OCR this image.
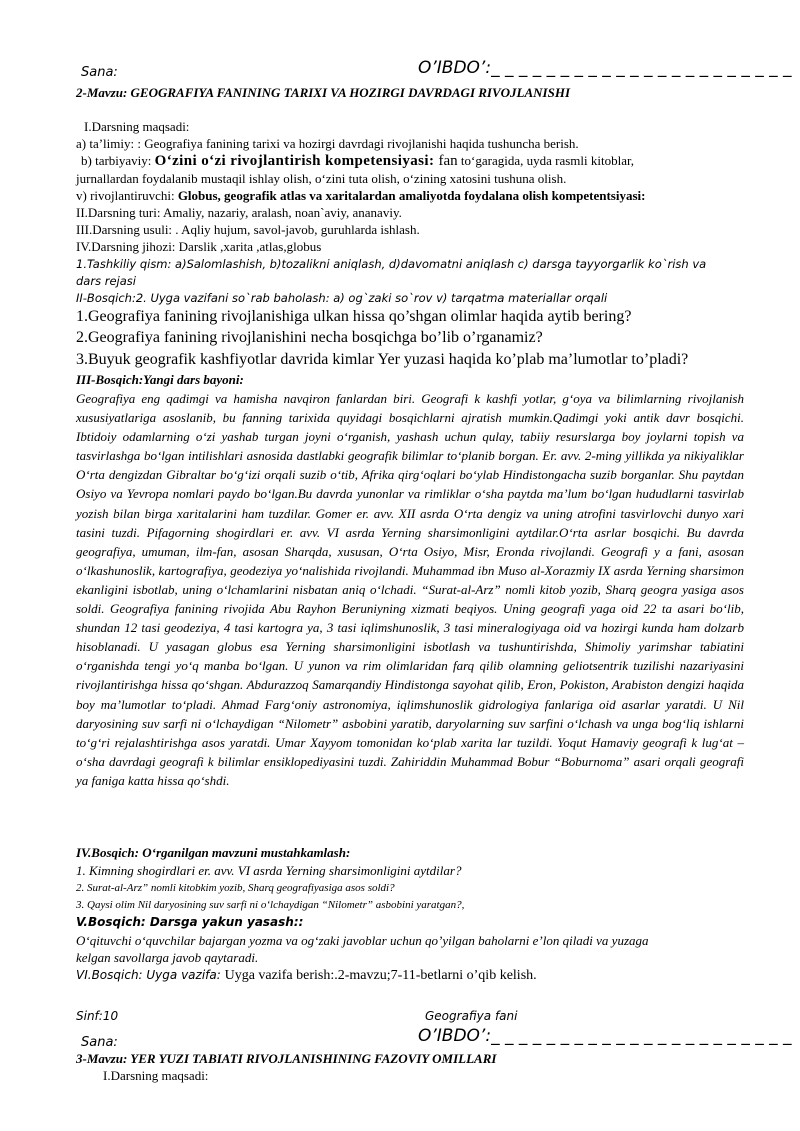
Sana:	O’IBDO’:_ _ _ _ _ _ _ _ _ _ _ _ _ _ _ _ _ _ _ _ _ _
2-Mavzu: GEOGRAFIYA FANINING TARIXI VA HOZIRGI DAVRDAGI RIVOJLANISHI
I.Darsning maqsadi:
a) ta’limiy: : Geografiya fanining tarixi va hozirgi davrdagi rivojlanishi haqida tushuncha berish.
b) tarbiyaviy: O‘zini o‘zi rivojlantirish kompetensiyasi: fan to‘garagida, uyda rasmli kitoblar,
jurnallardan foydalanib mustaqil ishlay olish, o‘zini tuta olish, o‘zining xatosini tushuna olish.
v) rivojlantiruvchi: Globus, geografik atlas va xaritalardan amaliyotda foydalana olish kompetentsiyasi:
II.Darsning turi: Amaliy, nazariy, aralash, noan`aviy, ananaviy.
III.Darsning usuli: . Aqliy hujum, savol-javob, guruhlarda ishlash.
IV.Darsning jihozi: Darslik ,xarita ,atlas,globus
1.Tashkiliy qism: a)Salomlashish, b)tozalikni aniqlash, d)davomatni aniqlash c) darsga tayyorgarlik ko`rish va
dars rejasi
II-Bosqich:2. Uyga vazifani so`rab baholash: a) og`zaki so`rov v) tarqatma materiallar orqali
1.Geografiya fanining rivojlanishiga ulkan hissa qo’shgan olimlar haqida aytib bering?
2.Geografiya fanining rivojlanishini necha bosqichga bo’lib o’rganamiz?
3.Buyuk geografik kashfiyotlar davrida kimlar Yer yuzasi haqida ko’plab ma’lumotlar to’pladi?
III-Bosqich:Yangi dars bayoni:
Geografiya eng qadimgi va hamisha navqiron fanlardan biri. Geografi k kashfi yotlar, g‘oya va bilimlarning rivojlanish xususiyatlariga asoslanib, bu fanning tarixida quyidagi bosqichlarni ajratish mumkin.Qadimgi yoki antik davr bosqichi. Ibtidoiy odamlarning o‘zi yashab turgan joyni o‘rganish, yashash uchun qulay, tabiiy resurslarga boy joylarni topish va tasvirlashga bo‘lgan intilishlari asnosida dastlabki geografik bilimlar to‘planib borgan. Er. avv. 2-ming yillikda ya nikiyaliklar O‘rta dengizdan Gibraltar bo‘g‘izi orqali suzib o‘tib, Afrika qirg‘oqlari bo‘ylab Hindistongacha suzib borganlar. Shu paytdan Osiyo va Yevropa nomlari paydo bo‘lgan.Bu davrda yunonlar va rimliklar o‘sha paytda ma’lum bo‘lgan hududlarni tasvirlab yozish bilan birga xaritalarini ham tuzdilar. Gomer er. avv. XII asrda O‘rta dengiz va uning atrofini tasvirlovchi dunyo xari tasini tuzdi. Pifagorning shogirdlari er. avv. VI asrda Yerning sharsimonligini aytdilar.O‘rta asrlar bosqichi. Bu davrda geografiya, umuman, ilm-fan, asosan Sharqda, xususan, O‘rta Osiyo, Misr, Eronda rivojlandi. Geografi y a fani, asosan o‘lkashunoslik, kartografiya, geodeziya yo‘nalishida rivojlandi. Muhammad ibn Muso al-Xorazmiy IX asrda Yerning sharsimon ekanligini isbotlab, uning o‘lchamlarini nisbatan aniq o‘lchadi. “Surat-al-Arz” nomli kitob yozib, Sharq geogra yasiga asos soldi. Geografiya fanining rivojida Abu Rayhon Beruniyning xizmati beqiyos. Uning geografi yaga oid 22 ta asari bo‘lib, shundan 12 tasi geodeziya, 4 tasi kartogra ya, 3 tasi iqlimshunoslik, 3 tasi mineralogiyaga oid va hozirgi kunda ham dolzarb hisoblanadi. U yasagan globus esa Yerning sharsimonligini isbotlash va tushuntirishda, Shimoliy yarimshar tabiatini o‘rganishda tengi yo‘q manba bo‘lgan. U yunon va rim olimlaridan farq qilib olamning geliotsentrik tuzilishi nazariyasini rivojlantirishga hissa qo‘shgan. Abdurazzoq Samarqandiy Hindistonga sayohat qilib, Eron, Pokiston, Arabiston dengizi haqida boy ma’lumotlar to‘pladi. Ahmad Farg‘oniy astronomiya, iqlimshunoslik gidrologiya fanlariga oid asarlar yaratdi. U Nil daryosining suv sarfi ni o‘lchaydigan “Nilometr” asbobini yaratib, daryolarning suv sarfini o‘lchash va unga bog‘liq ishlarni to‘g‘ri rejalashtirishga asos yaratdi. Umar Xayyom tomonidan ko‘plab xarita lar tuzildi. Yoqut Hamaviy geografi k lug‘at – o‘sha davrdagi geografi k bilimlar ensiklopediyasini tuzdi. Zahiriddin Muhammad Bobur “Boburnoma” asari orqali geografi ya faniga katta hissa qo‘shdi.
IV.Bosqich: O‘rganilgan mavzuni mustahkamlash:
1. Kimning shogirdlari er. avv. VI asrda Yerning sharsimonligini aytdilar?
2. Surat-al-Arz” nomli kitobkim yozib, Sharq geografiyasiga asos soldi?
3. Qaysi olim Nil daryosining suv sarfi ni o‘lchaydigan “Nilometr” asbobini yaratgan?,
V.Bosqich: Darsga yakun yasash::
O‘qituvchi o‘quvchilar bajargan yozma va og‘zaki javoblar uchun qo’yilgan baholarni e’lon qiladi va yuzaga
kelgan savollarga javob qaytaradi.
VI.Bosqich: Uyga vazifa: Uyga vazifa berish:.2-mavzu;7-11-betlarni o’qib kelish.
Sinf:10	Geografiya fani
Sana:	O’IBDO’:_ _ _ _ _ _ _ _ _ _ _ _ _ _ _ _ _ _ _ _ _ _
3-Mavzu: YER YUZI TABIATI RIVOJLANISHINING FAZOVIY OMILLARI
I.Darsning maqsadi:
